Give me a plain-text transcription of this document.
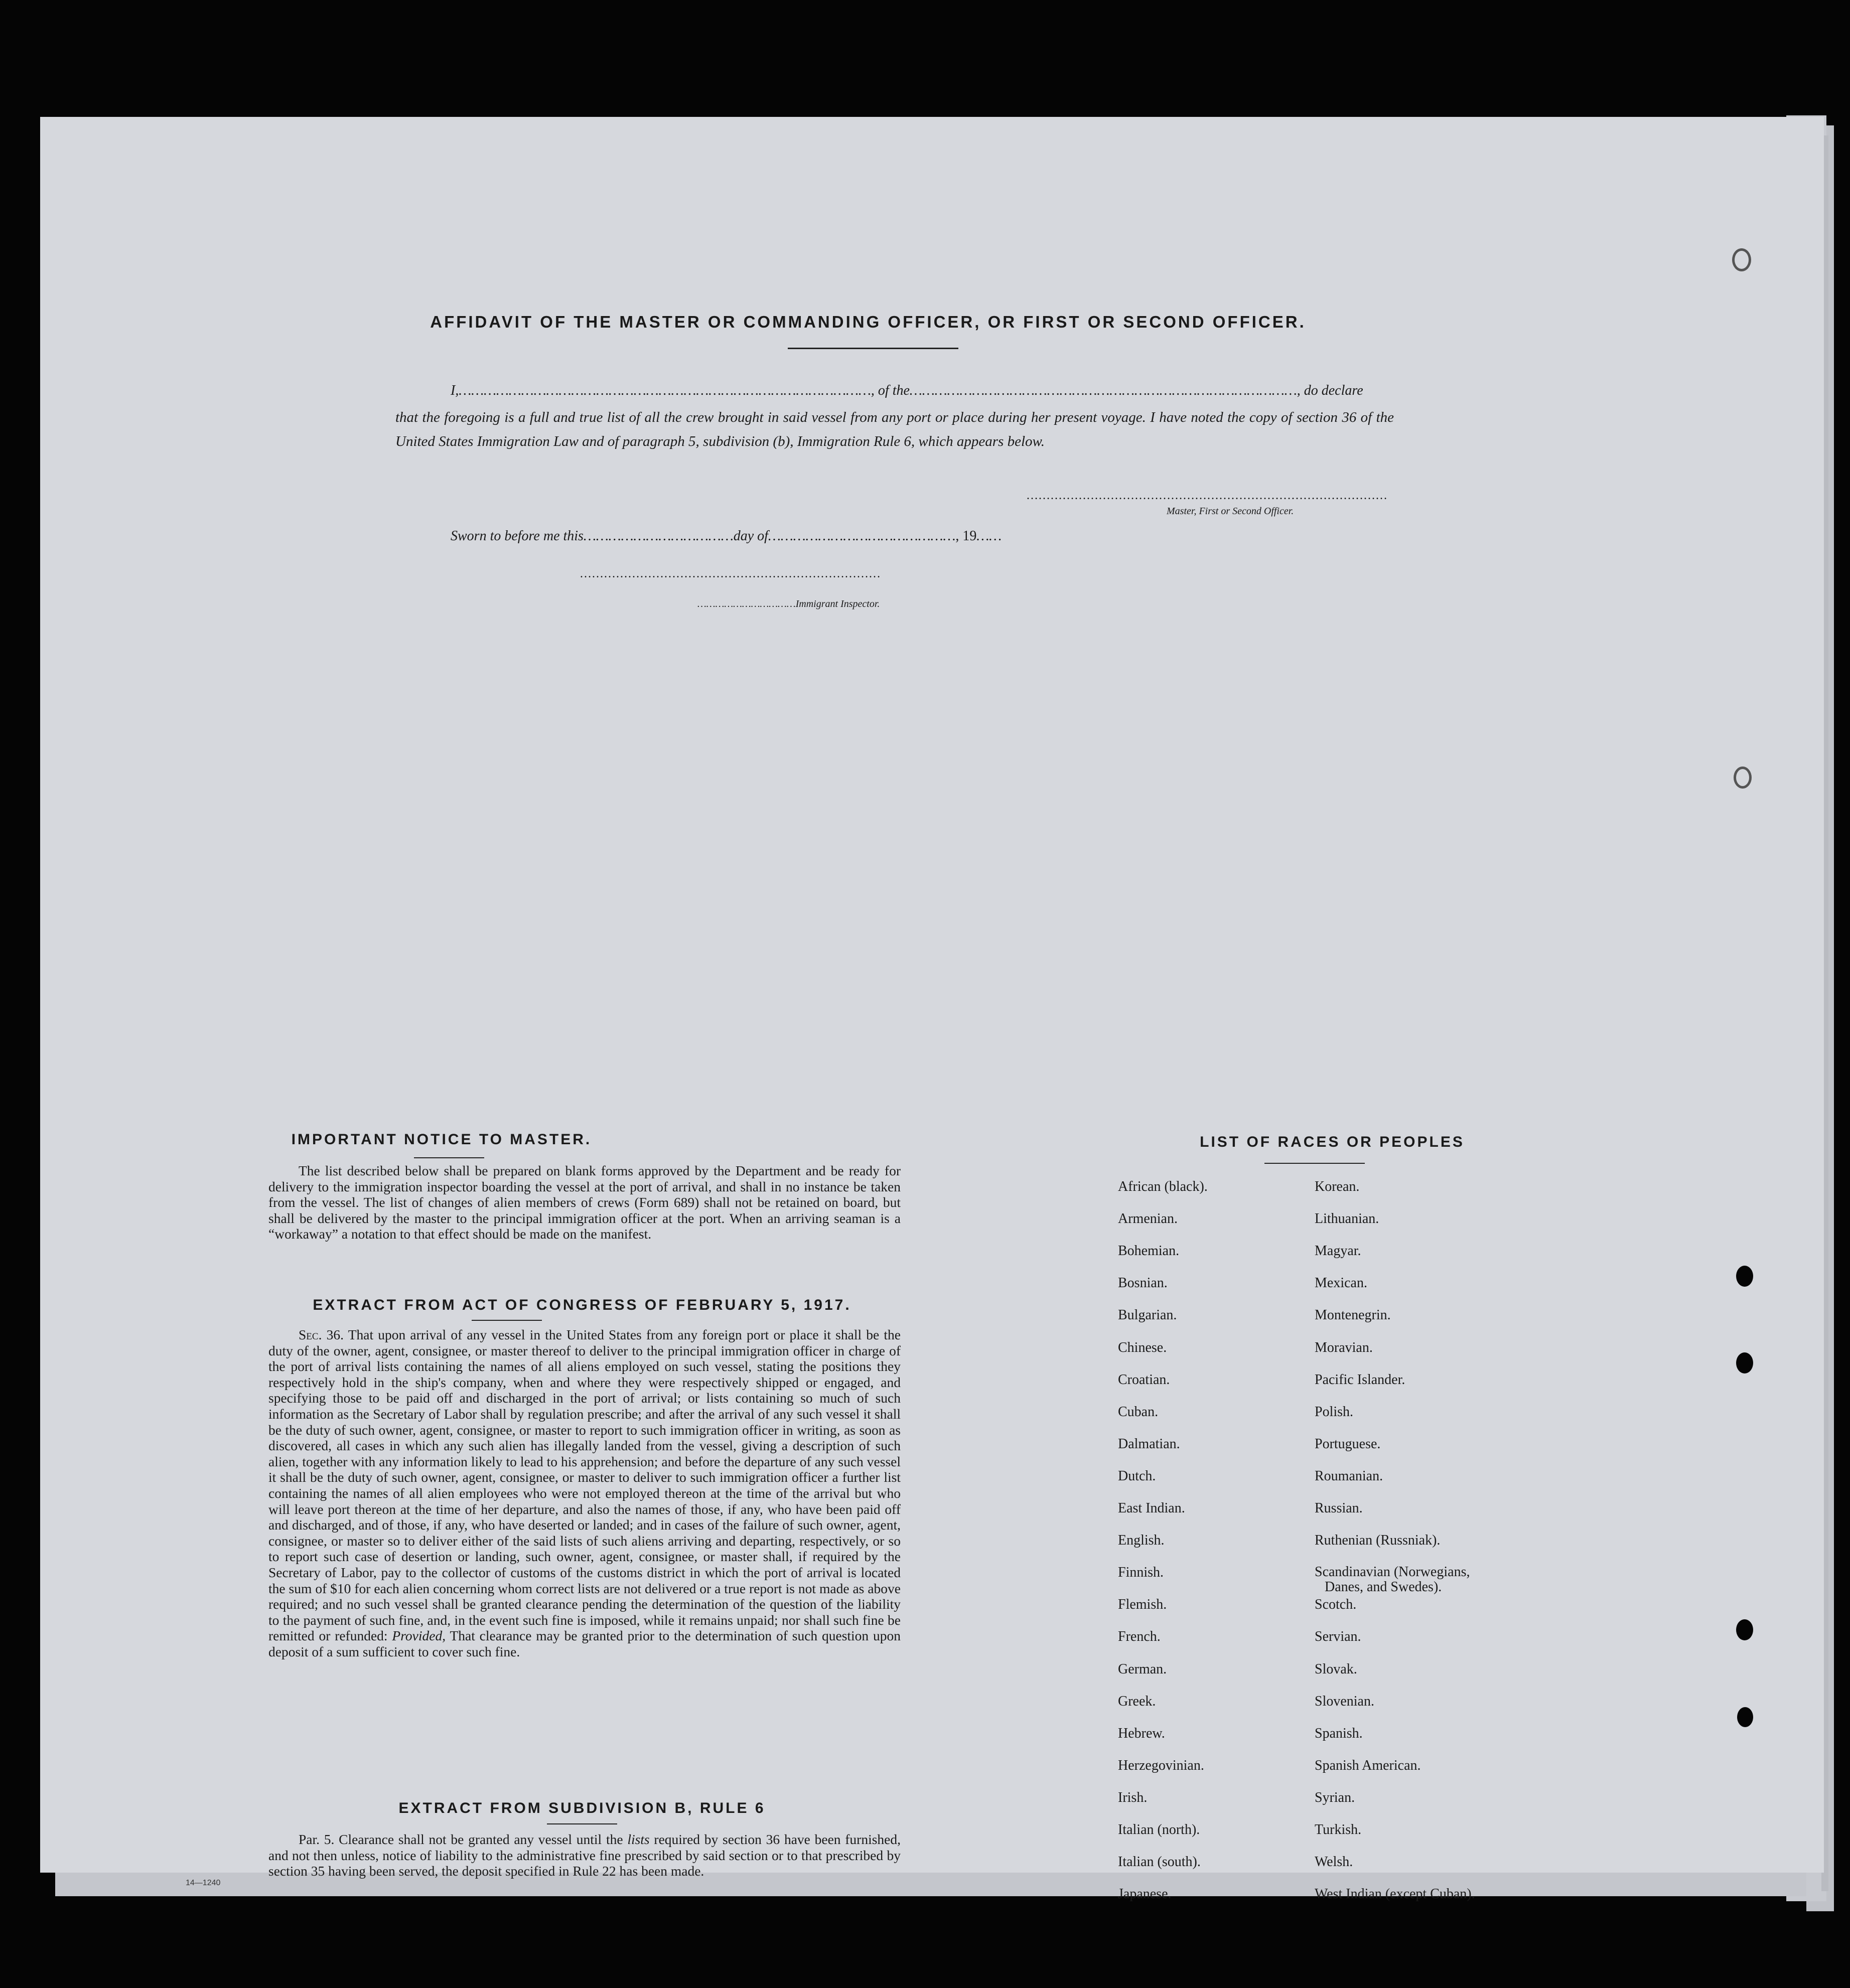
AFFIDAVIT OF THE MASTER OR COMMANDING OFFICER, OR FIRST OR SECOND OFFICER.
I,………………………………………………………………………………………, of the…………………………………………………………………………………, do declare
that the foregoing is a full and true list of all the crew brought in said vessel from any port or place during her present voyage. I have noted the copy of section 36 of the United States Immigration Law and of paragraph 5, subdivision (b), Immigration Rule 6, which appears below.
………………………………………………………………………………
Master, First or Second Officer.
Sworn to before me this………………………………day of………………………………………, 19……
…………………………………………………………………
……………………………Immigrant Inspector.
IMPORTANT NOTICE TO MASTER.
The list described below shall be prepared on blank forms approved by the Department and be ready for delivery to the immigration inspector boarding the vessel at the port of arrival, and shall in no instance be taken from the vessel. The list of changes of alien members of crews (Form 689) shall not be retained on board, but shall be delivered by the master to the principal immigration officer at the port. When an arriving seaman is a “workaway” a notation to that effect should be made on the manifest.
EXTRACT FROM ACT OF CONGRESS OF FEBRUARY 5, 1917.
Sec. 36. That upon arrival of any vessel in the United States from any foreign port or place it shall be the duty of the owner, agent, consignee, or master thereof to deliver to the principal immigration officer in charge of the port of arrival lists containing the names of all aliens employed on such vessel, stating the positions they respectively hold in the ship's company, when and where they were respectively shipped or engaged, and specifying those to be paid off and discharged in the port of arrival; or lists containing so much of such information as the Secretary of Labor shall by regulation prescribe; and after the arrival of any such vessel it shall be the duty of such owner, agent, consignee, or master to report to such immigration officer in writing, as soon as discovered, all cases in which any such alien has illegally landed from the vessel, giving a description of such alien, together with any information likely to lead to his apprehension; and before the departure of any such vessel it shall be the duty of such owner, agent, consignee, or master to deliver to such immigration officer a further list containing the names of all alien employees who were not employed thereon at the time of the arrival but who will leave port thereon at the time of her departure, and also the names of those, if any, who have been paid off and discharged, and of those, if any, who have deserted or landed; and in cases of the failure of such owner, agent, consignee, or master so to deliver either of the said lists of such aliens arriving and departing, respectively, or so to report such case of desertion or landing, such owner, agent, consignee, or master shall, if required by the Secretary of Labor, pay to the collector of customs of the customs district in which the port of arrival is located the sum of $10 for each alien concerning whom correct lists are not delivered or a true report is not made as above required; and no such vessel shall be granted clearance pending the determination of the question of the liability to the payment of such fine, and, in the event such fine is imposed, while it remains unpaid; nor shall such fine be remitted or refunded: Provided, That clearance may be granted prior to the determination of such question upon deposit of a sum sufficient to cover such fine.
EXTRACT FROM SUBDIVISION B, RULE 6
Par. 5. Clearance shall not be granted any vessel until the lists required by section 36 have been furnished, and not then unless, notice of liability to the administrative fine prescribed by said section or to that prescribed by section 35 having been served, the deposit specified in Rule 22 has been made.
LIST OF RACES OR PEOPLES
African (black).
Armenian.
Bohemian.
Bosnian.
Bulgarian.
Chinese.
Croatian.
Cuban.
Dalmatian.
Dutch.
East Indian.
English.
Finnish.
Flemish.
French.
German.
Greek.
Hebrew.
Herzegovinian.
Irish.
Italian (north).
Italian (south).
Japanese.
Korean.
Lithuanian.
Magyar.
Mexican.
Montenegrin.
Moravian.
Pacific Islander.
Polish.
Portuguese.
Roumanian.
Russian.
Ruthenian (Russniak).
Scandinavian (Norwegians,
Danes, and Swedes).
Scotch.
Servian.
Slovak.
Slovenian.
Spanish.
Spanish American.
Syrian.
Turkish.
Welsh.
West Indian (except Cuban).
14—1240
